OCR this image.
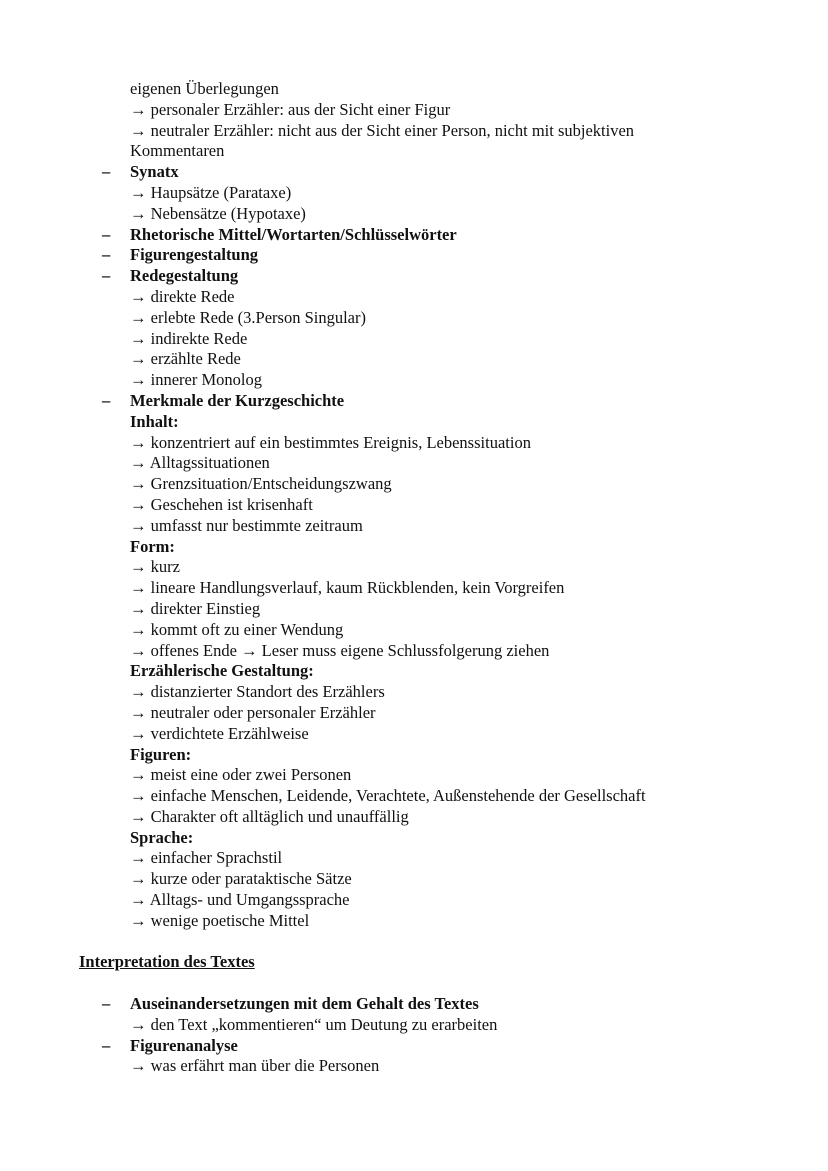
eigenen Überlegungen
→ personaler Erzähler: aus der Sicht einer Figur
→ neutraler Erzähler: nicht aus der Sicht einer Person, nicht mit subjektiven
Kommentaren
– Synatx
→ Haupsätze (Parataxe)
→ Nebensätze (Hypotaxe)
– Rhetorische Mittel/Wortarten/Schlüsselwörter
– Figurengestaltung
– Redegestaltung
→ direkte Rede
→ erlebte Rede (3.Person Singular)
→ indirekte Rede
→ erzählte Rede
→ innerer Monolog
– Merkmale der Kurzgeschichte
Inhalt:
→ konzentriert auf ein bestimmtes Ereignis, Lebenssituation
→ Alltagssituationen
→ Grenzsituation/Entscheidungszwang
→ Geschehen ist krisenhaft
→ umfasst nur bestimmte zeitraum
Form:
→ kurz
→ lineare Handlungsverlauf, kaum Rückblenden, kein Vorgreifen
→ direkter Einstieg
→ kommt oft zu einer Wendung
→ offenes Ende → Leser muss eigene Schlussfolgerung ziehen
Erzählerische Gestaltung:
→ distanzierter Standort des Erzählers
→ neutraler oder personaler Erzähler
→ verdichtete Erzählweise
Figuren:
→ meist eine oder zwei Personen
→ einfache Menschen, Leidende, Verachtete, Außenstehende der Gesellschaft
→ Charakter oft alltäglich und unauffällig
Sprache:
→ einfacher Sprachstil
→ kurze oder parataktische Sätze
→ Alltags- und Umgangssprache
→ wenige poetische Mittel
Interpretation des Textes
– Auseinandersetzungen mit dem Gehalt des Textes
→ den Text „kommentieren“ um Deutung zu erarbeiten
– Figurenanalyse
→ was erfährt man über die Personen
